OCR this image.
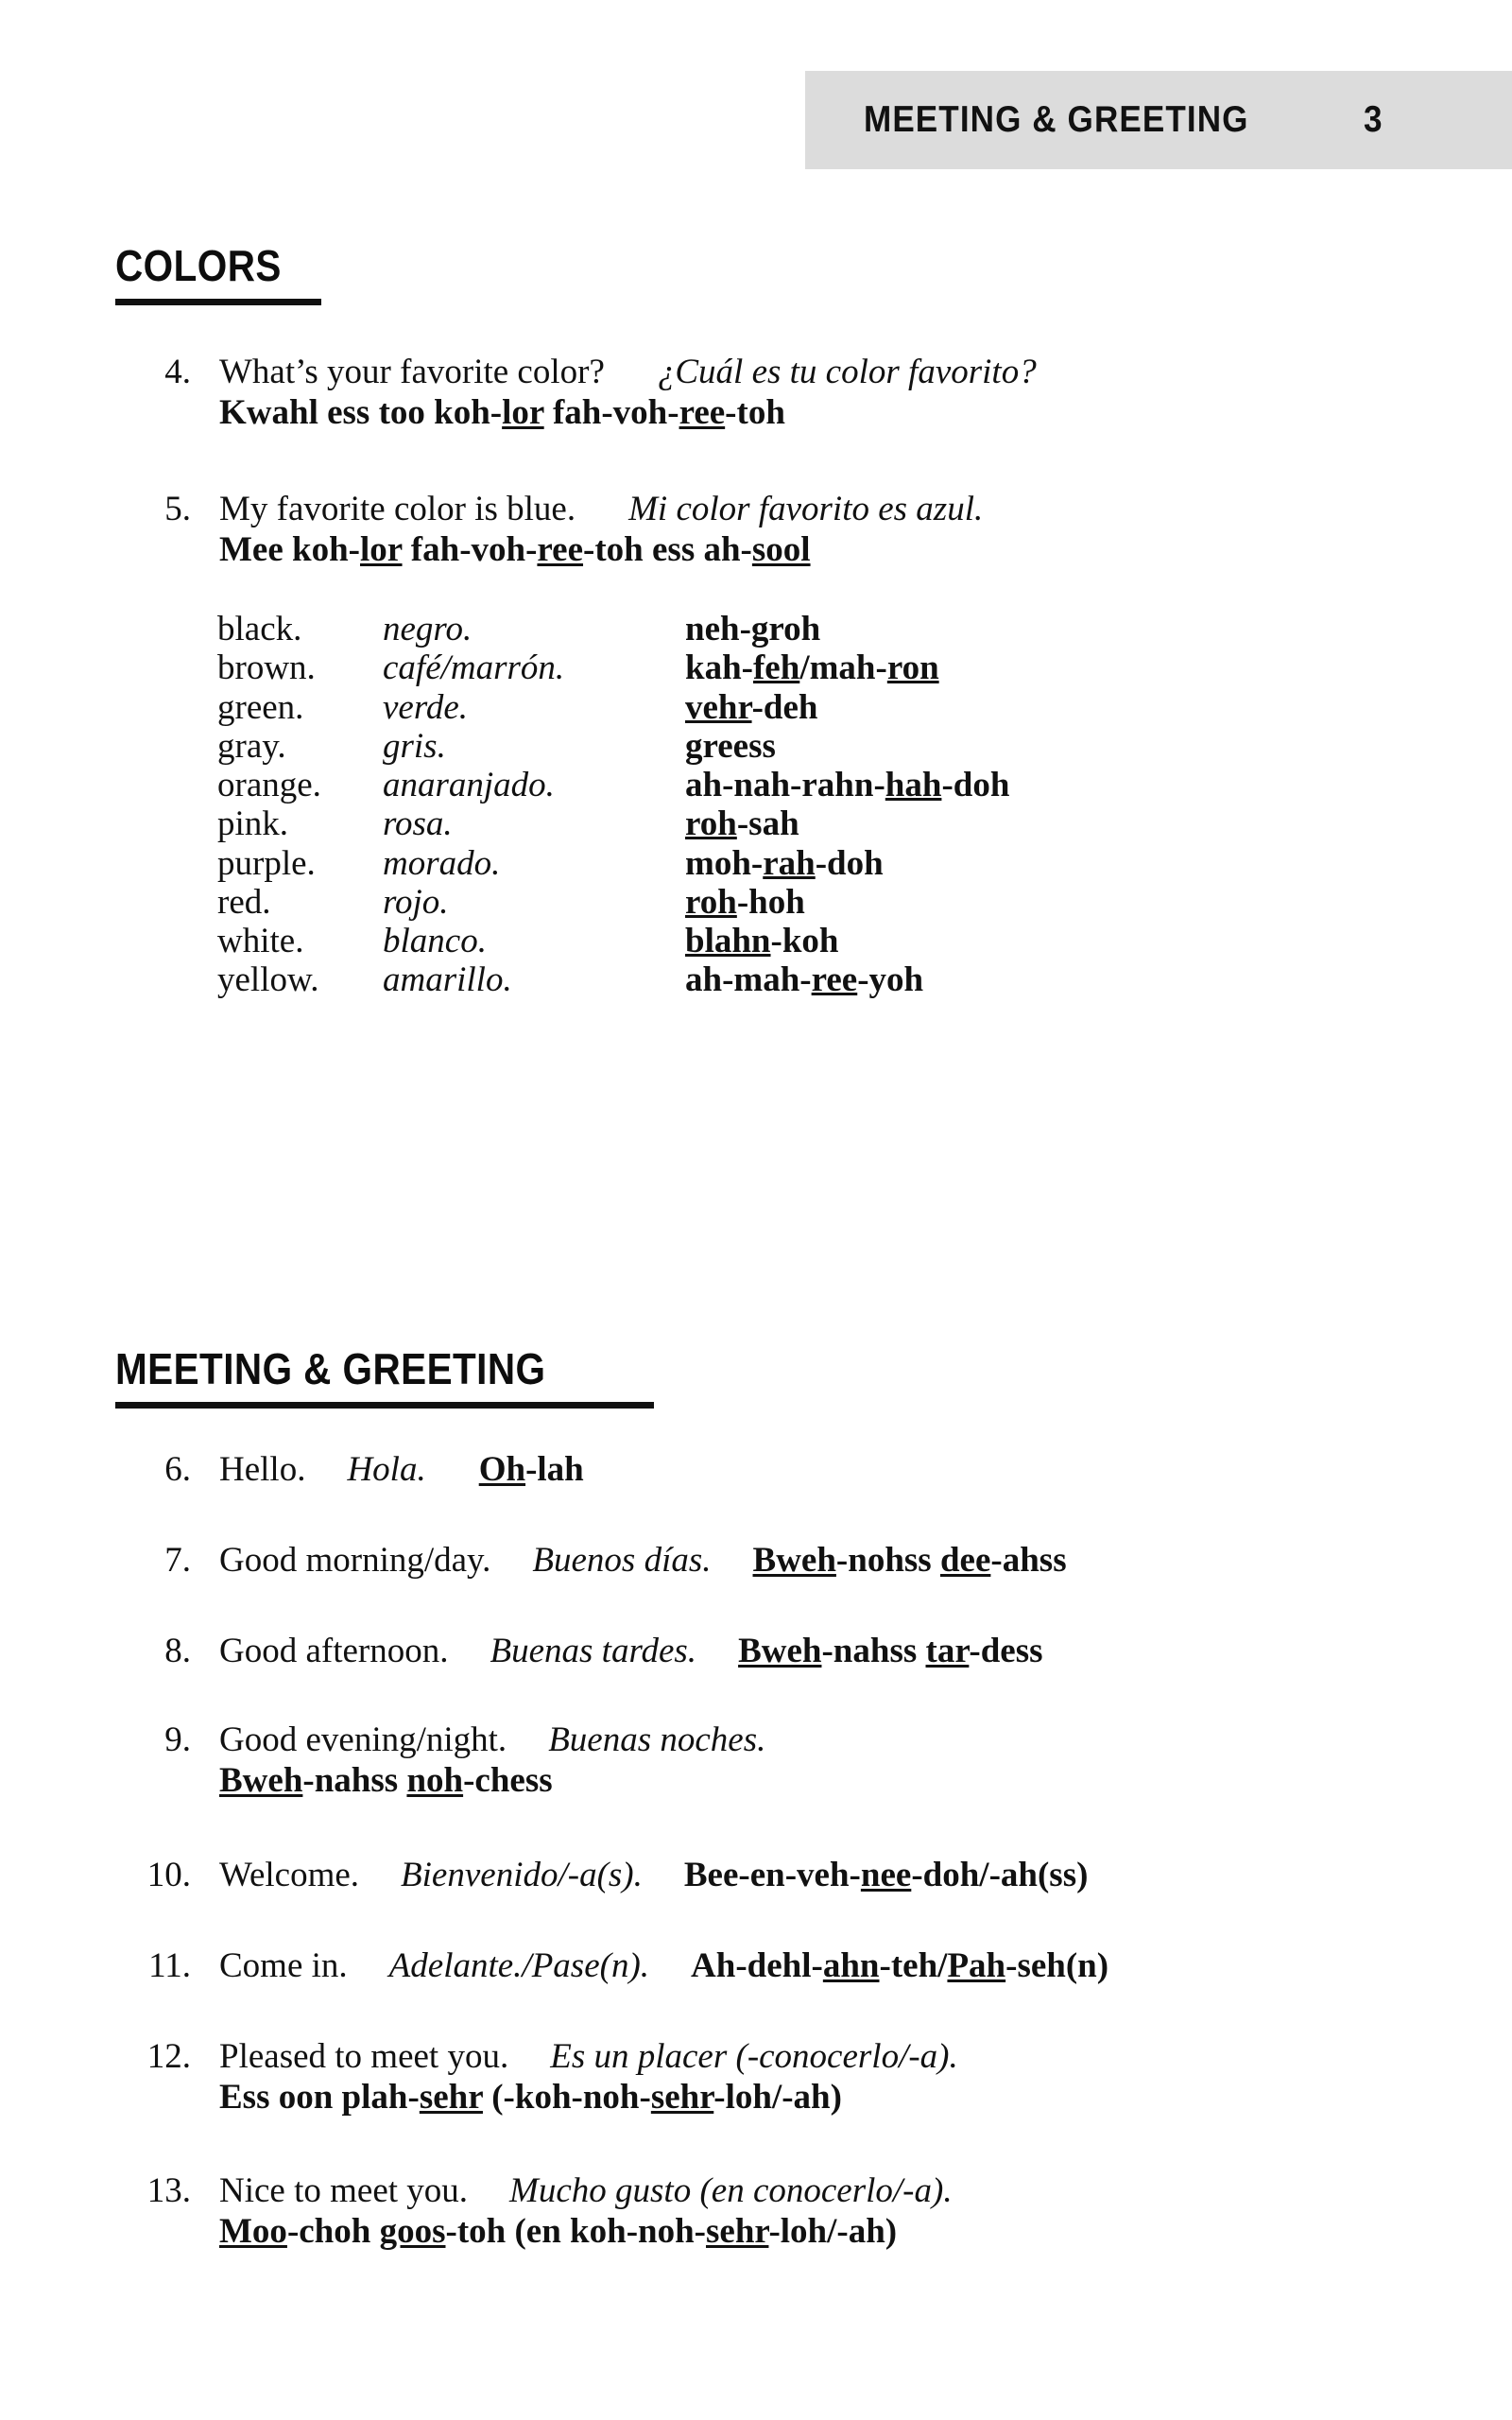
MEETING & GREETING	3
COLORS
4. What’s your favorite color? ¿Cuál es tu color favorito?
Kwahl ess too koh-lor fah-voh-ree-toh
5. My favorite color is blue. Mi color favorito es azul.
Mee koh-lor fah-voh-ree-toh ess ah-sool
black.	negro.	neh-groh
brown.	café/marrón.	kah-feh/mah-ron
green.	verde.	vehr-deh
gray.	gris.	greess
orange.	anaranjado.	ah-nah-rahn-hah-doh
pink.	rosa.	roh-sah
purple.	morado.	moh-rah-doh
red.	rojo.	roh-hoh
white.	blanco.	blahn-koh
yellow.	amarillo.	ah-mah-ree-yoh
MEETING & GREETING
6. Hello. Hola. Oh-lah
7. Good morning/day. Buenos días. Bweh-nohss dee-ahss
8. Good afternoon. Buenas tardes. Bweh-nahss tar-dess
9. Good evening/night. Buenas noches.
Bweh-nahss noh-chess
10. Welcome. Bienvenido/-a(s). Bee-en-veh-nee-doh/-ah(ss)
11. Come in. Adelante./Pase(n). Ah-dehl-ahn-teh/Pah-seh(n)
12. Pleased to meet you. Es un placer (-conocerlo/-a).
Ess oon plah-sehr (-koh-noh-sehr-loh/-ah)
13. Nice to meet you. Mucho gusto (en conocerlo/-a).
Moo-choh goos-toh (en koh-noh-sehr-loh/-ah)
